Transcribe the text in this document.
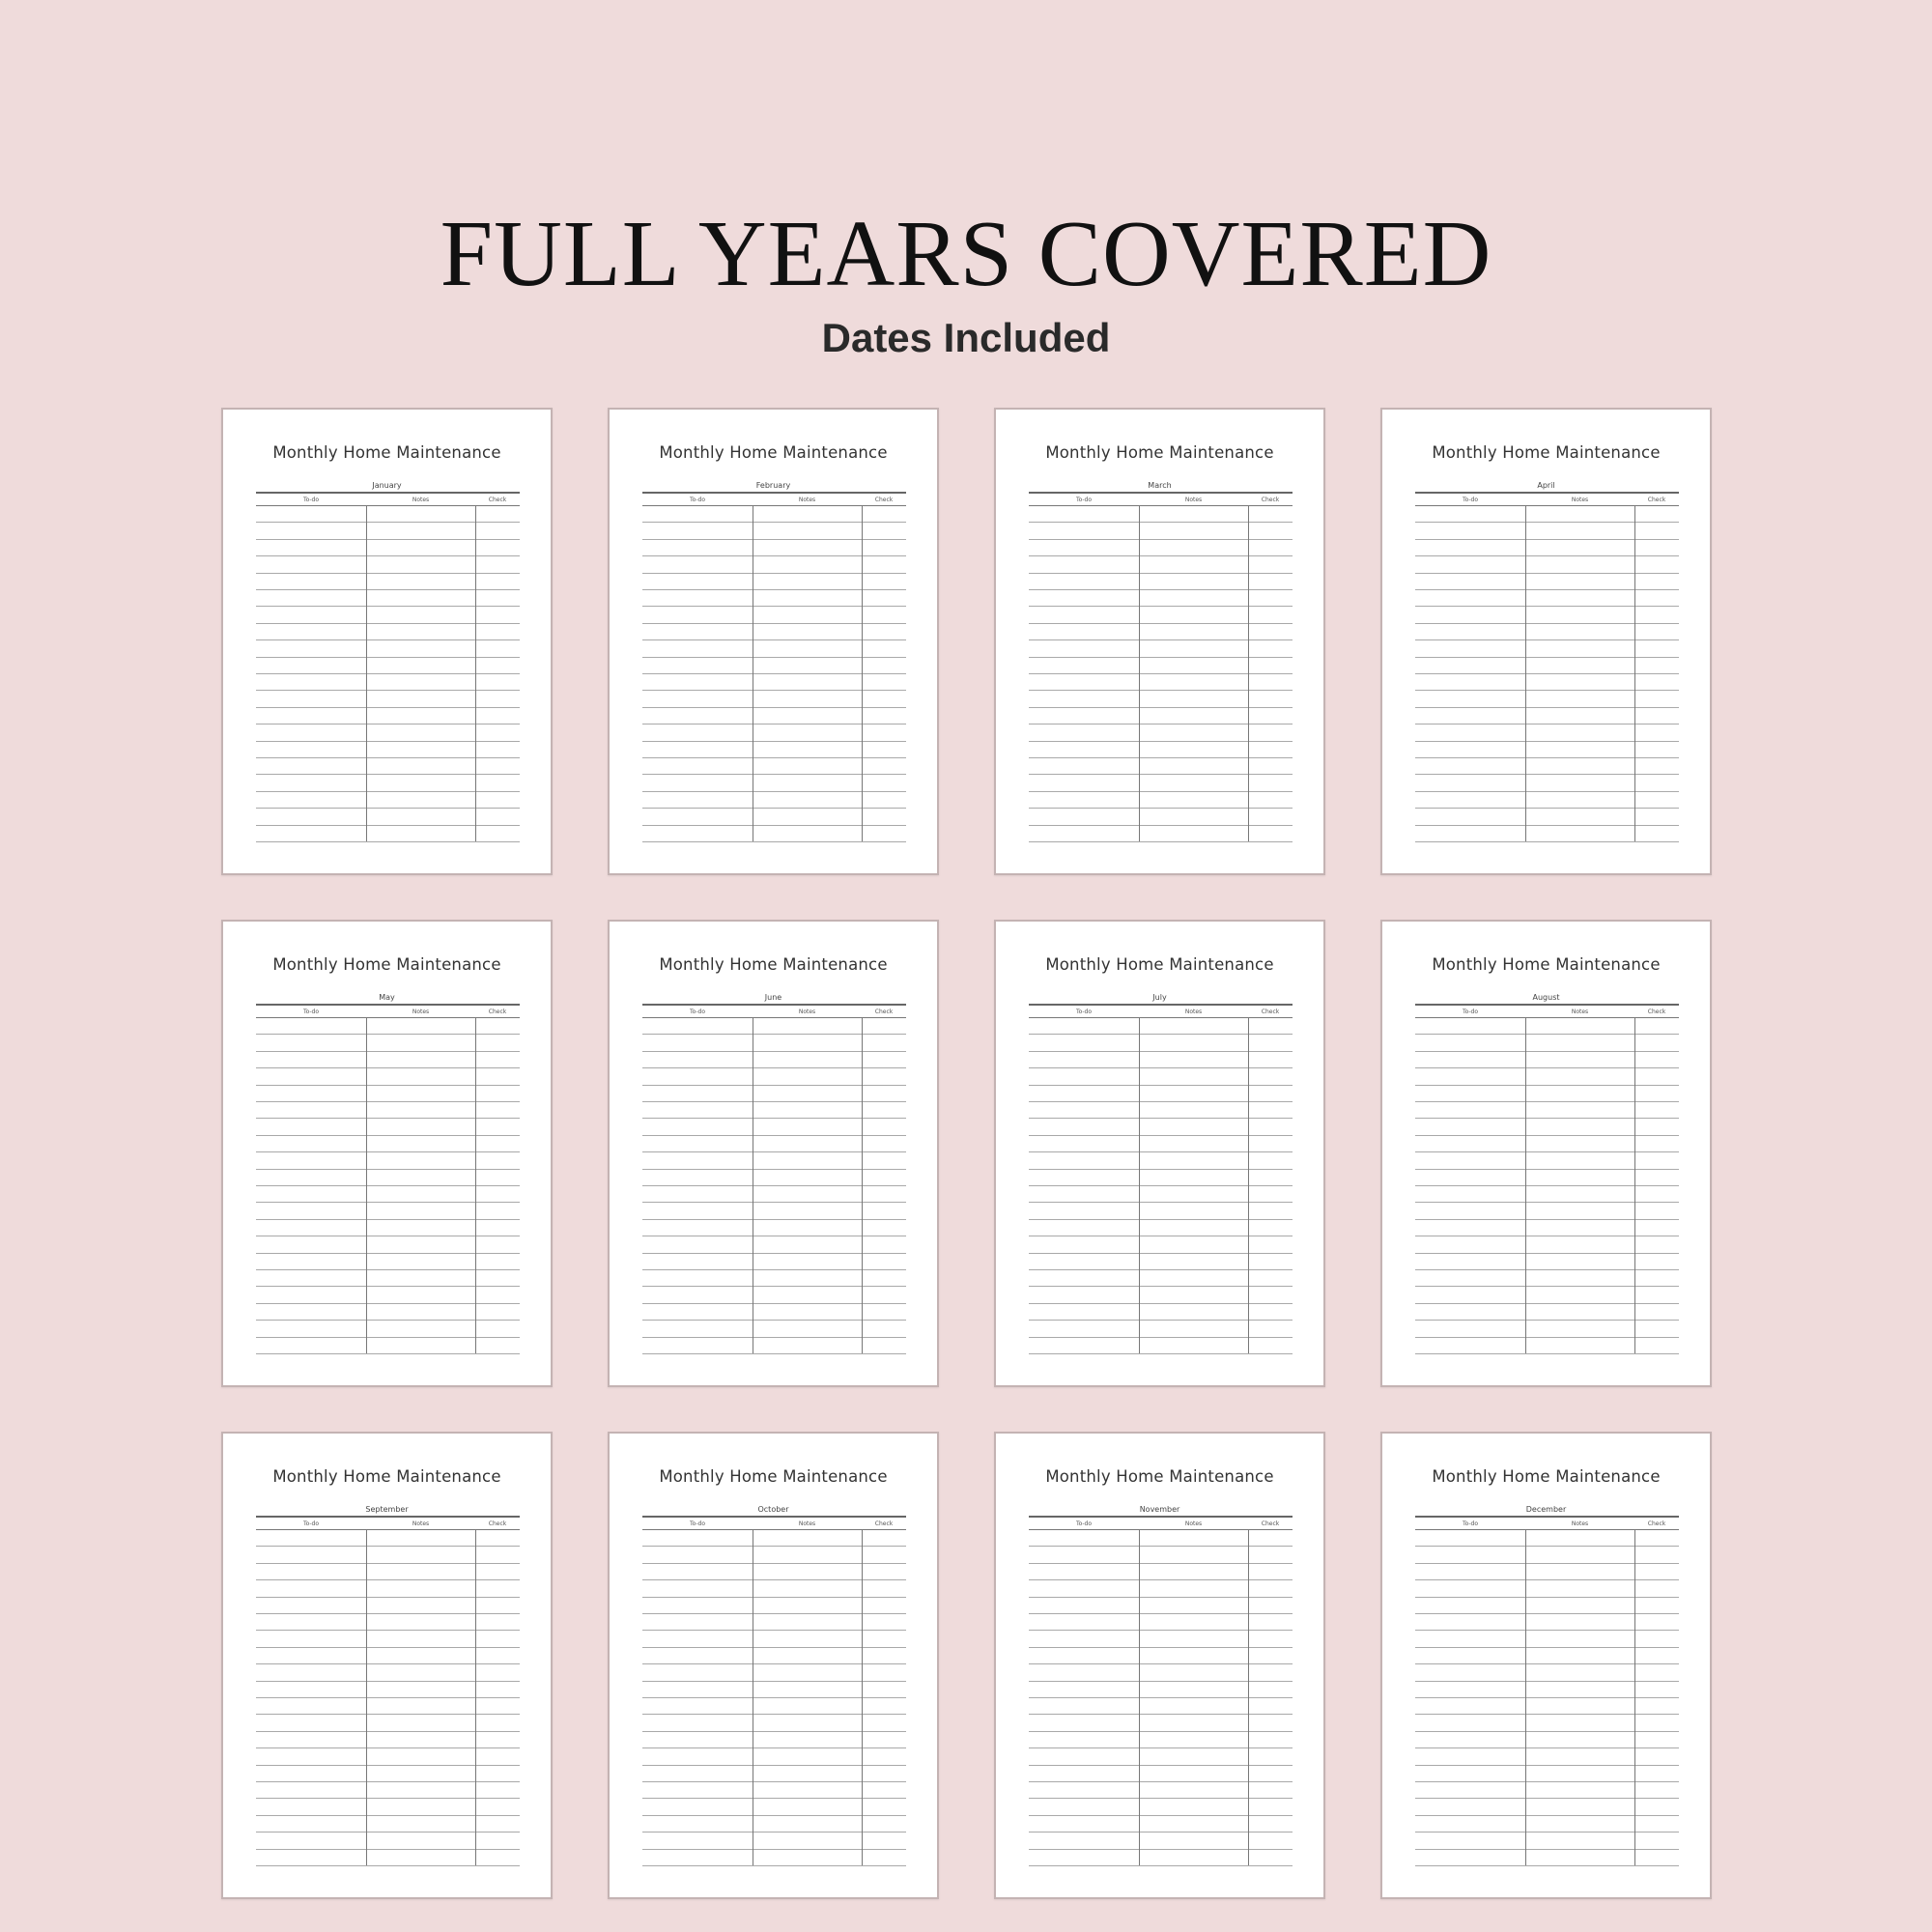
FULL YEARS COVERED
Dates Included
Monthly Home Maintenance
January
To-do	Notes	Check
Monthly Home Maintenance
February
To-do	Notes	Check
Monthly Home Maintenance
March
To-do	Notes	Check
Monthly Home Maintenance
April
To-do	Notes	Check
Monthly Home Maintenance
May
To-do	Notes	Check
Monthly Home Maintenance
June
To-do	Notes	Check
Monthly Home Maintenance
July
To-do	Notes	Check
Monthly Home Maintenance
August
To-do	Notes	Check
Monthly Home Maintenance
September
To-do	Notes	Check
Monthly Home Maintenance
October
To-do	Notes	Check
Monthly Home Maintenance
November
To-do	Notes	Check
Monthly Home Maintenance
December
To-do	Notes	Check
